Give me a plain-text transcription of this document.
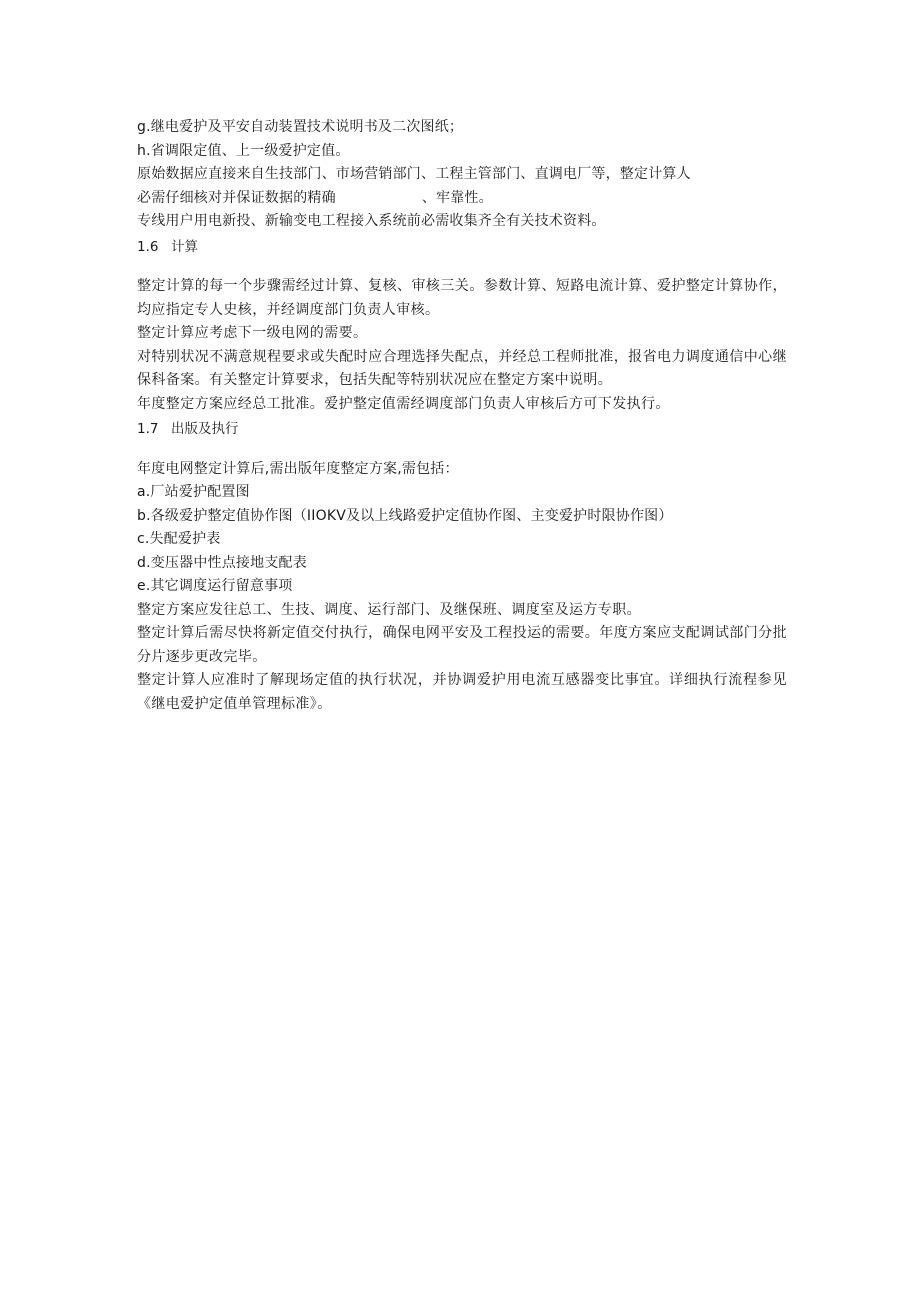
g.继电爱护及平安自动装置技术说明书及二次图纸；
h.省调限定值、上一级爱护定值。
原始数据应直接来自生技部门、市场营销部门、工程主管部门、直调电厂等，整定计算人
必需仔细核对并保证数据的精确	、牢靠性。
专线用户用电新投、新输变电工程接入系统前必需收集齐全有关技术资料。
1.6 计算
整定计算的每一个步骤需经过计算、复核、审核三关。参数计算、短路电流计算、爱护整定计算协作，均应指定专人史核，并经调度部门负责人审核。
整定计算应考虑下一级电网的需要。
对特别状况不满意规程要求或失配时应合理选择失配点，并经总工程师批准，报省电力调度通信中心继保科备案。有关整定计算要求，包括失配等特别状况应在整定方案中说明。
年度整定方案应经总工批准。爱护整定值需经调度部门负责人审核后方可下发执行。
1.7 出版及执行
年度电网整定计算后,需出版年度整定方案,需包括：
a.厂站爱护配置图
b.各级爱护整定值协作图（IIOKV及以上线路爱护定值协作图、主变爱护时限协作图）
c.失配爱护表
d.变压器中性点接地支配表
e.其它调度运行留意事项
整定方案应发往总工、生技、调度、运行部门、及继保班、调度室及运方专职。
整定计算后需尽快将新定值交付执行，确保电网平安及工程投运的需要。年度方案应支配调试部门分批分片逐步更改完毕。
整定计算人应准时了解现场定值的执行状况，并协调爱护用电流互感器变比事宜。详细执行流程参见《继电爱护定值单管理标准》。
